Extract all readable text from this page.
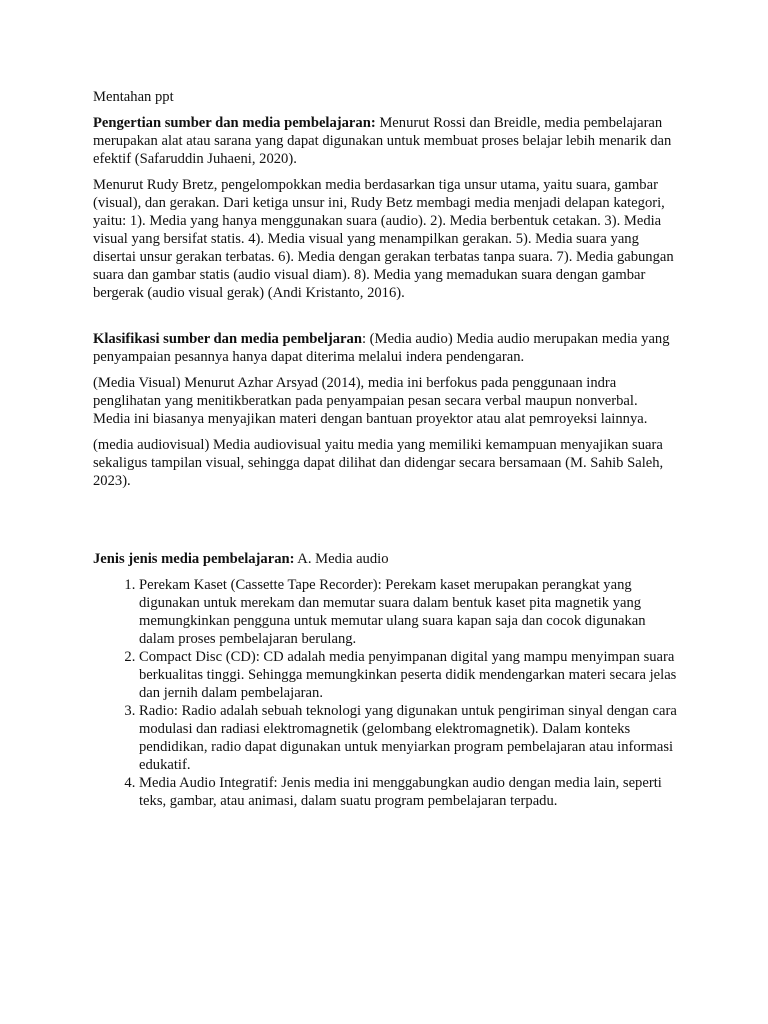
Mentahan ppt

Pengertian sumber dan media pembelajaran: Menurut Rossi dan Breidle, media pembelajaran merupakan alat atau sarana yang dapat digunakan untuk membuat proses belajar lebih menarik dan efektif (Safaruddin Juhaeni, 2020).

Menurut Rudy Bretz, pengelompokkan media berdasarkan tiga unsur utama, yaitu suara, gambar (visual), dan gerakan. Dari ketiga unsur ini, Rudy Betz membagi media menjadi delapan kategori, yaitu: 1). Media yang hanya menggunakan suara (audio). 2). Media berbentuk cetakan. 3). Media visual yang bersifat statis. 4). Media visual yang menampilkan gerakan. 5). Media suara yang disertai unsur gerakan terbatas. 6). Media dengan gerakan terbatas tanpa suara. 7). Media gabungan suara dan gambar statis (audio visual diam). 8). Media yang memadukan suara dengan gambar bergerak (audio visual gerak) (Andi Kristanto, 2016).

Klasifikasi sumber dan media pembeljaran: (Media audio) Media audio merupakan media yang penyampaian pesannya hanya dapat diterima melalui indera pendengaran.

(Media Visual) Menurut Azhar Arsyad (2014), media ini berfokus pada penggunaan indra penglihatan yang menitikberatkan pada penyampaian pesan secara verbal maupun nonverbal. Media ini biasanya menyajikan materi dengan bantuan proyektor atau alat pemroyeksi lainnya.

(media audiovisual) Media audiovisual yaitu media yang memiliki kemampuan menyajikan suara sekaligus tampilan visual, sehingga dapat dilihat dan didengar secara bersamaan (M. Sahib Saleh, 2023).

Jenis jenis media pembelajaran: A. Media audio

1. Perekam Kaset (Cassette Tape Recorder): Perekam kaset merupakan perangkat yang digunakan untuk merekam dan memutar suara dalam bentuk kaset pita magnetik yang memungkinkan pengguna untuk memutar ulang suara kapan saja dan cocok digunakan dalam proses pembelajaran berulang.
2. Compact Disc (CD): CD adalah media penyimpanan digital yang mampu menyimpan suara berkualitas tinggi. Sehingga memungkinkan peserta didik mendengarkan materi secara jelas dan jernih dalam pembelajaran.
3. Radio: Radio adalah sebuah teknologi yang digunakan untuk pengiriman sinyal dengan cara modulasi dan radiasi elektromagnetik (gelombang elektromagnetik). Dalam konteks pendidikan, radio dapat digunakan untuk menyiarkan program pembelajaran atau informasi edukatif.
4. Media Audio Integratif: Jenis media ini menggabungkan audio dengan media lain, seperti teks, gambar, atau animasi, dalam suatu program pembelajaran terpadu.
